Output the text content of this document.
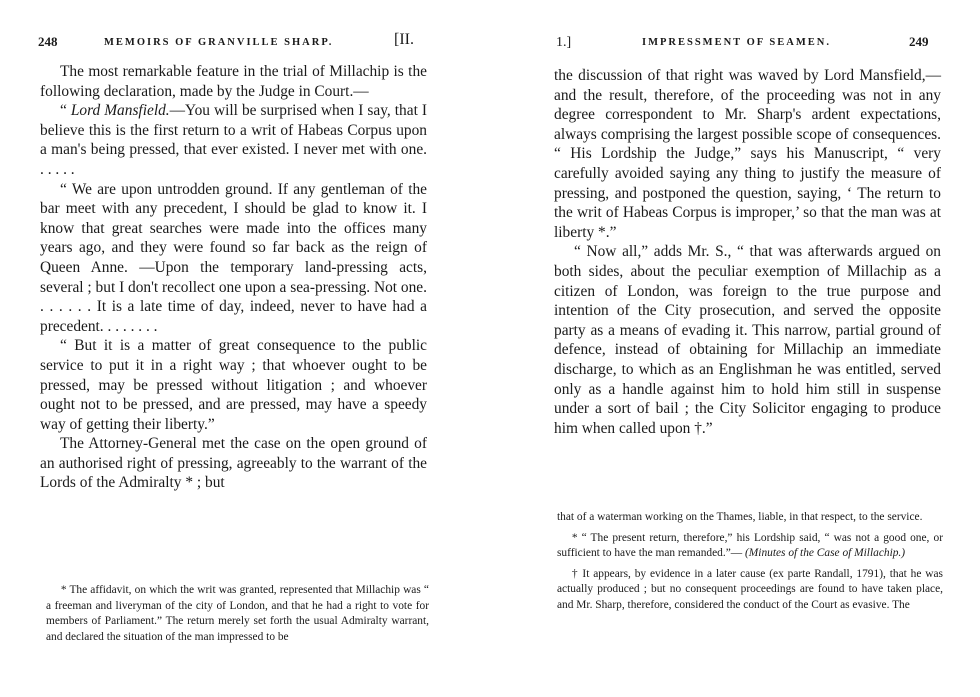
248	MEMOIRS OF GRANVILLE SHARP.	[II.

The most remarkable feature in the trial of Millachip is the following declaration, made by the Judge in Court.—

“ Lord Mansfield.—You will be surprised when I say, that I believe this is the first return to a writ of Habeas Corpus upon a man's being pressed, that ever existed. I never met with one. . . . . .

“ We are upon untrodden ground. If any gentleman of the bar meet with any precedent, I should be glad to know it. I know that great searches were made into the offices many years ago, and they were found so far back as the reign of Queen Anne. —Upon the temporary land-pressing acts, several ; but I don't recollect one upon a sea-pressing. Not one. . . . . . . It is a late time of day, indeed, never to have had a precedent. . . . . . . .

“ But it is a matter of great consequence to the public service to put it in a right way ; that whoever ought to be pressed, may be pressed without litigation ; and whoever ought not to be pressed, and are pressed, may have a speedy way of getting their liberty.”

The Attorney-General met the case on the open ground of an authorised right of pressing, agreeably to the warrant of the Lords of the Admiralty * ; but

* The affidavit, on which the writ was granted, represented that Millachip was “ a freeman and liveryman of the city of London, and that he had a right to vote for members of Parliament.” The return merely set forth the usual Admiralty warrant, and declared the situation of the man impressed to be

1.]	IMPRESSMENT OF SEAMEN.	249

the discussion of that right was waved by Lord Mansfield,—and the result, therefore, of the proceeding was not in any degree correspondent to Mr. Sharp's ardent expectations, always comprising the largest possible scope of consequences. “ His Lordship the Judge,” says his Manuscript, “ very carefully avoided saying any thing to justify the measure of pressing, and postponed the question, saying, ‘ The return to the writ of Habeas Corpus is improper,’ so that the man was at liberty *.”

“ Now all,” adds Mr. S., “ that was afterwards argued on both sides, about the peculiar exemption of Millachip as a citizen of London, was foreign to the true purpose and intention of the City prosecution, and served the opposite party as a means of evading it. This narrow, partial ground of defence, instead of obtaining for Millachip an immediate discharge, to which as an Englishman he was entitled, served only as a handle against him to hold him still in suspense under a sort of bail ; the City Solicitor engaging to produce him when called upon †.”

that of a waterman working on the Thames, liable, in that respect, to the service.

* “ The present return, therefore,” his Lordship said, “ was not a good one, or sufficient to have the man remanded.”— (Minutes of the Case of Millachip.)

† It appears, by evidence in a later cause (ex parte Randall, 1791), that he was actually produced ; but no consequent proceedings are found to have taken place, and Mr. Sharp, therefore, considered the conduct of the Court as evasive. The
